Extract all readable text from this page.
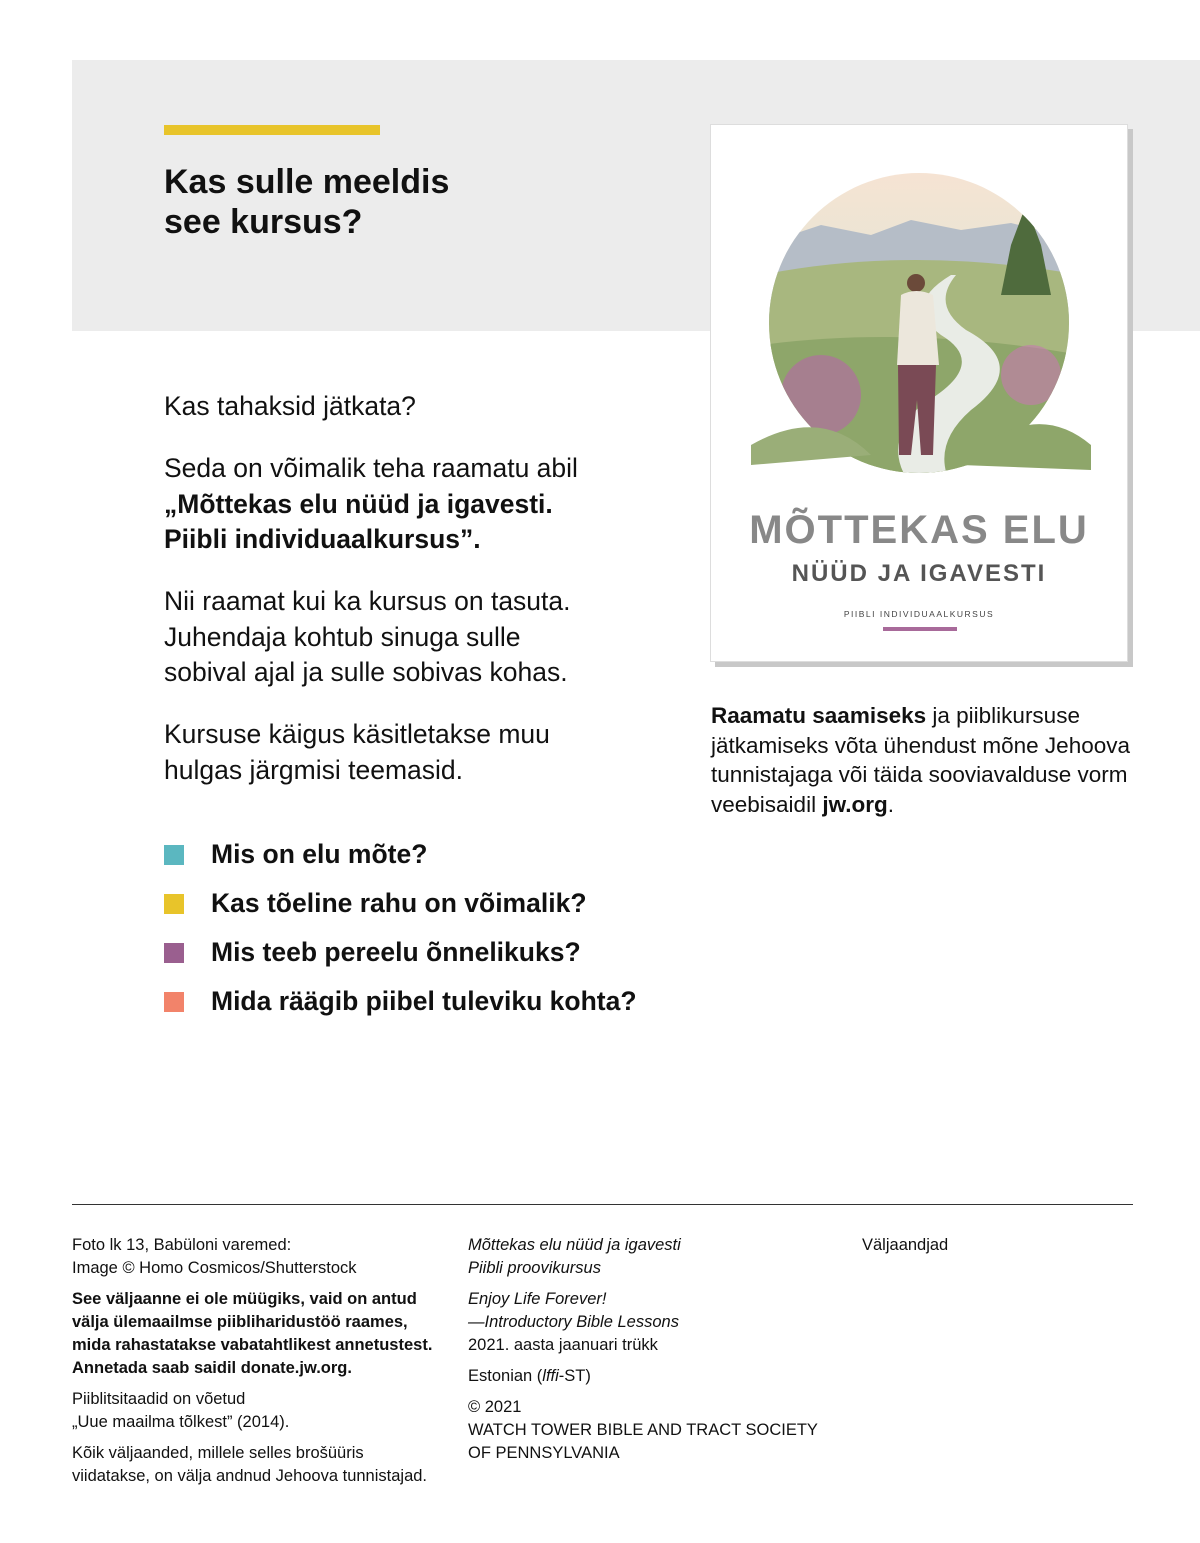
Kas sulle meeldis
see kursus?

Kas tahaksid jätkata?

Seda on võimalik teha raamatu abil
„Mõttekas elu nüüd ja igavesti.
Piibli individuaalkursus”.

Nii raamat kui ka kursus on tasuta. Juhendaja kohtub sinuga sulle sobival ajal ja sulle sobivas kohas.

Kursuse käigus käsitletakse muu hulgas järgmisi teemasid.

Mis on elu mõte?
Kas tõeline rahu on võimalik?
Mis teeb pereelu õnnelikuks?
Mida räägib piibel tuleviku kohta?
MÕTTEKAS ELU
NÜÜD JA IGAVESTI
PIIBLI INDIVIDUAALKURSUS

Raamatu saamiseks ja piiblikursuse jätkamiseks võta ühendust mõne Jehoova tunnistajaga või täida sooviavalduse vorm veebisaidil jw.org.

Foto lk 13, Babüloni varemed:
Image © Homo Cosmicos/Shutterstock

See väljaanne ei ole müügiks, vaid on antud välja ülemaailmse piibliharidustöö raames, mida rahastatakse vabatahtlikest annetustest. Annetada saab saidil donate.jw.org.

Piiblitsitaadid on võetud
„Uue maailma tõlkest” (2014).

Kõik väljaanded, millele selles brošüüris viidatakse, on välja andnud Jehoova tunnistajad.

Mõttekas elu nüüd ja igavesti
Piibli proovikursus

Enjoy Life Forever!
—Introductory Bible Lessons
2021. aasta jaanuari trükk

Estonian (lffi-ST)

© 2021
WATCH TOWER BIBLE AND TRACT SOCIETY
OF PENNSYLVANIA

Väljaandjad
